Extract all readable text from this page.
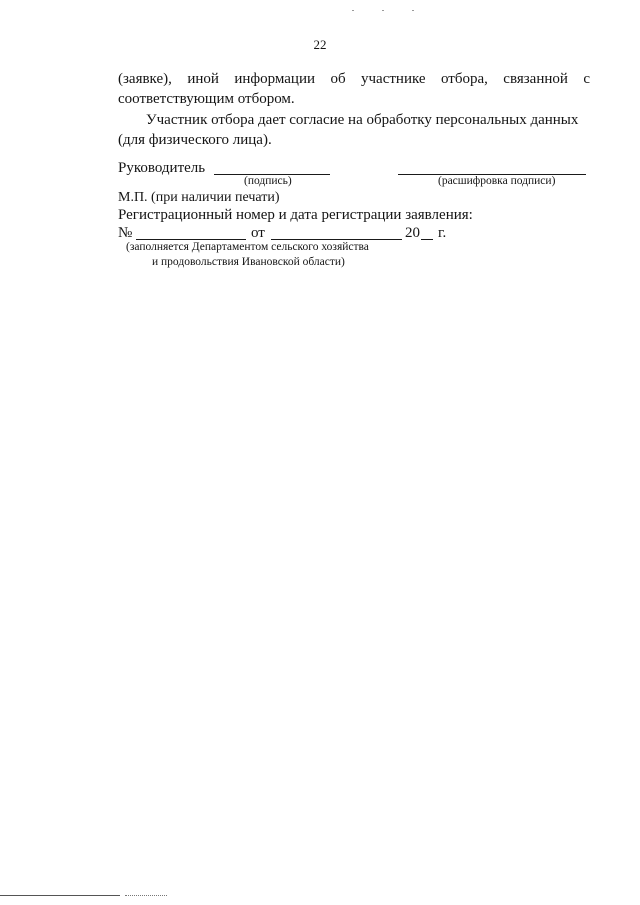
22
(заявке), иной информации об участнике отбора, связанной с
соответствующим отбором.
Участник отбора дает согласие на обработку персональных данных
(для физического лица).
Руководитель
(подпись)	(расшифровка подписи)
М.П. (при наличии печати)
Регистрационный номер и дата регистрации заявления:
№	от	20 г.
(заполняется Департаментом сельского хозяйства
и продовольствия Ивановской области)
